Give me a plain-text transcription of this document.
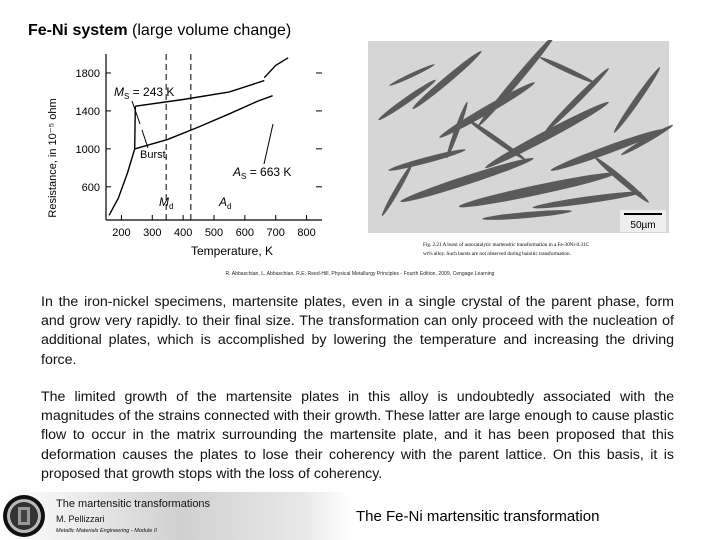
Fe-Ni system (large volume change)
200 300 400 500 600 700 800
600
1000
1400
1800
$M_S = 243$ K
Burst
$A_S = 663$ K
$M_d$	$A_d$
Temperature, K
Resistance, in 10⁻⁵ ohm
50µm
Fig. 2.21 A burst of autocatalytic martensitic transformation in a Fe-30Ni-0.31C
wt% alloy. Such bursts are not observed during bainitic transformation.
R. Abbaschian, L. Abbaschian, R.E. Reed-Hill, Physical Metallurgy Principles - Fourth Edition, 2009, Cengage Learning
In the iron-nickel specimens, martensite plates, even in a single crystal of the parent phase, form and grow very rapidly. to their final size. The transformation can only proceed with the nucleation of additional plates, which is accomplished by lowering the temperature and increasing the driving force.
The limited growth of the martensite plates in this alloy is undoubtedly associated with the magnitudes of the strains connected with their growth. These latter are large enough to cause plastic flow to occur in the matrix surrounding the martensite plate, and it has been proposed that this deformation causes the plates to lose their coherency with the parent lattice. On this basis, it is proposed that growth stops with the loss of coherency.
The martensitic transformations
M. Pellizzari
Metallic Materials Engineering - Module II
The Fe-Ni martensitic transformation
